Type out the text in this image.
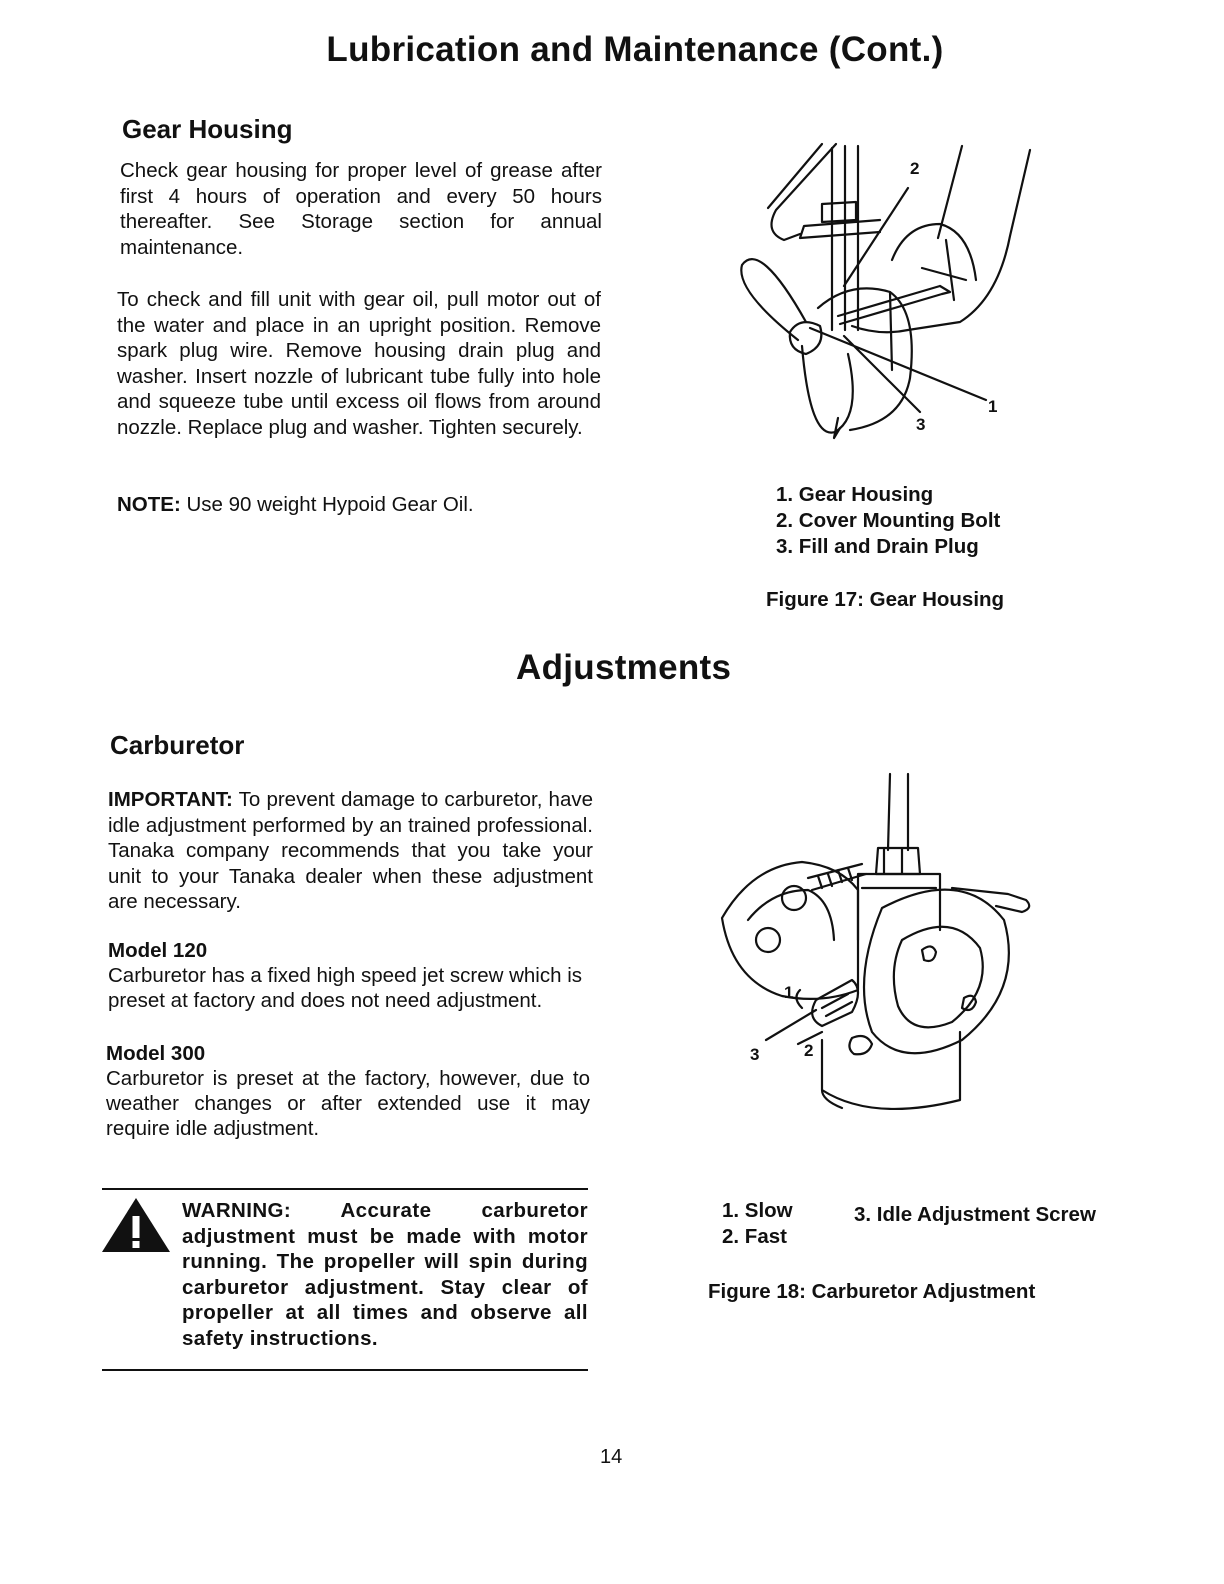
Lubrication and Maintenance (Cont.)
Gear Housing

Check gear housing for proper level of grease after first 4 hours of operation and every 50 hours thereafter. See Storage section for annual maintenance.

To check and fill unit with gear oil, pull motor out of the water and place in an upright position. Remove spark plug wire. Remove housing drain plug and washer. Insert nozzle of lubricant tube fully into hole and squeeze tube until excess oil flows from around nozzle. Replace plug and washer. Tighten securely.

NOTE: Use 90 weight Hypoid Gear Oil.

2
1
3
1. Gear Housing
2. Cover Mounting Bolt
3. Fill and Drain Plug
Figure 17: Gear Housing
Adjustments
Carburetor

IMPORTANT: To prevent damage to carburetor, have idle adjustment performed by an trained professional. Tanaka company recommends that you take your unit to your Tanaka dealer when these adjustment are necessary.

Model 120
Carburetor has a fixed high speed jet screw which is preset at factory and does not need adjustment.
Model 300
Carburetor is preset at the factory, however, due to weather changes or after extended use it may require idle adjustment.

WARNING: Accurate carburetor adjustment must be made with motor running. The propeller will spin during carburetor adjustment. Stay clear of propeller at all times and observe all safety instructions.

1
2
3
1. Slow
2. Fast
3. Idle Adjustment Screw
Figure 18: Carburetor Adjustment
14
